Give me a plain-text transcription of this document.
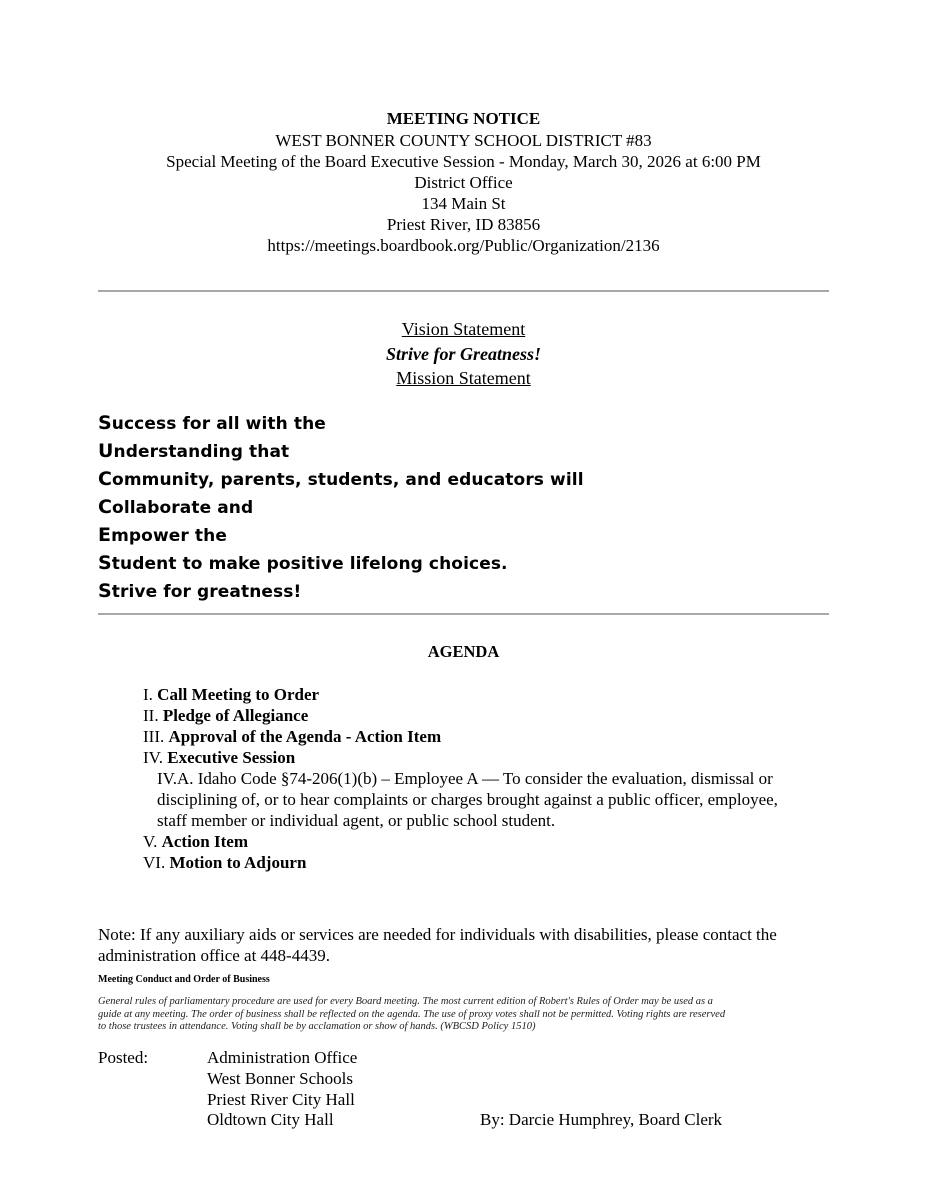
MEETING NOTICE
WEST BONNER COUNTY SCHOOL DISTRICT #83
Special Meeting of the Board Executive Session - Monday, March 30, 2026 at 6:00 PM
District Office
134 Main St
Priest River, ID 83856
https://meetings.boardbook.org/Public/Organization/2136
Vision Statement
Strive for Greatness!
Mission Statement
Success for all with the
Understanding that
Community, parents, students, and educators will
Collaborate and
Empower the
Student to make positive lifelong choices.
Strive for greatness!
AGENDA
I. Call Meeting to Order
II. Pledge of Allegiance
III. Approval of the Agenda - Action Item
IV. Executive Session
IV.A. Idaho Code §74-206(1)(b) – Employee A — To consider the evaluation, dismissal or
disciplining of, or to hear complaints or charges brought against a public officer, employee,
staff member or individual agent, or public school student.
V. Action Item
VI. Motion to Adjourn
Note: If any auxiliary aids or services are needed for individuals with disabilities, please contact the
administration office at 448-4439.
Meeting Conduct and Order of Business
General rules of parliamentary procedure are used for every Board meeting. The most current edition of Robert's Rules of Order may be used as a
guide at any meeting. The order of business shall be reflected on the agenda. The use of proxy votes shall not be permitted. Voting rights are reserved
to those trustees in attendance. Voting shall be by acclamation or show of hands. (WBCSD Policy 1510)
Posted:	Administration Office
West Bonner Schools
Priest River City Hall
Oldtown City Hall	By: Darcie Humphrey, Board Clerk
